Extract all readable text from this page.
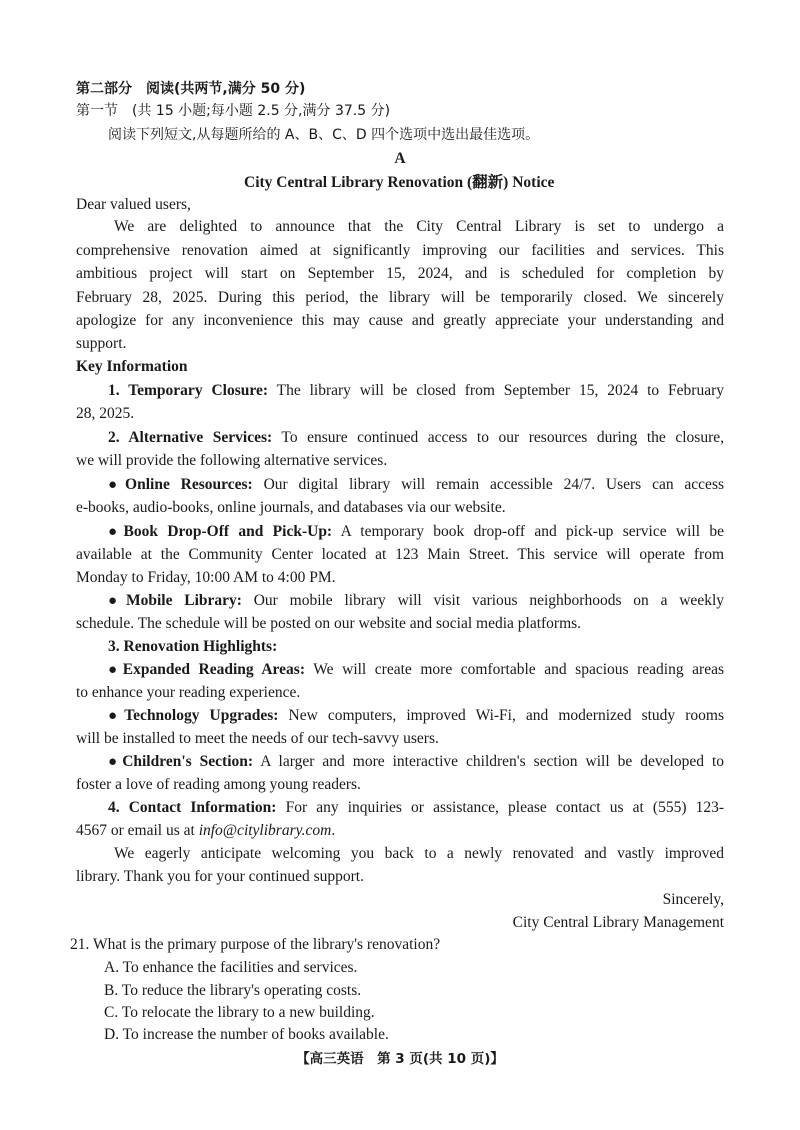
第二部分　阅读(共两节,满分 50 分)
第一节　(共 15 小题;每小题 2.5 分,满分 37.5 分)
阅读下列短文,从每题所给的 A、B、C、D 四个选项中选出最佳选项。
A
City Central Library Renovation (翻新) Notice
Dear valued users,
We are delighted to announce that the City Central Library is set to undergo a
comprehensive renovation aimed at significantly improving our facilities and services. This
ambitious project will start on September 15, 2024, and is scheduled for completion by
February 28, 2025. During this period, the library will be temporarily closed. We sincerely
apologize for any inconvenience this may cause and greatly appreciate your understanding and
support.
Key Information
1. Temporary Closure: The library will be closed from September 15, 2024 to February
28, 2025.
2. Alternative Services: To ensure continued access to our resources during the closure,
we will provide the following alternative services.
●Online Resources: Our digital library will remain accessible 24/7. Users can access
e-books, audio-books, online journals, and databases via our website.
●Book Drop-Off and Pick-Up: A temporary book drop-off and pick-up service will be
available at the Community Center located at 123 Main Street. This service will operate from
Monday to Friday, 10:00 AM to 4:00 PM.
●Mobile Library: Our mobile library will visit various neighborhoods on a weekly
schedule. The schedule will be posted on our website and social media platforms.
3. Renovation Highlights:
●Expanded Reading Areas: We will create more comfortable and spacious reading areas
to enhance your reading experience.
●Technology Upgrades: New computers, improved Wi-Fi, and modernized study rooms
will be installed to meet the needs of our tech-savvy users.
●Children's Section: A larger and more interactive children's section will be developed to
foster a love of reading among young readers.
4. Contact Information: For any inquiries or assistance, please contact us at (555) 123-
4567 or email us at info@citylibrary.com.
We eagerly anticipate welcoming you back to a newly renovated and vastly improved
library. Thank you for your continued support.
Sincerely,
City Central Library Management
21. What is the primary purpose of the library's renovation?
A. To enhance the facilities and services.
B. To reduce the library's operating costs.
C. To relocate the library to a new building.
D. To increase the number of books available.
【高三英语　第 3 页(共 10 页)】
